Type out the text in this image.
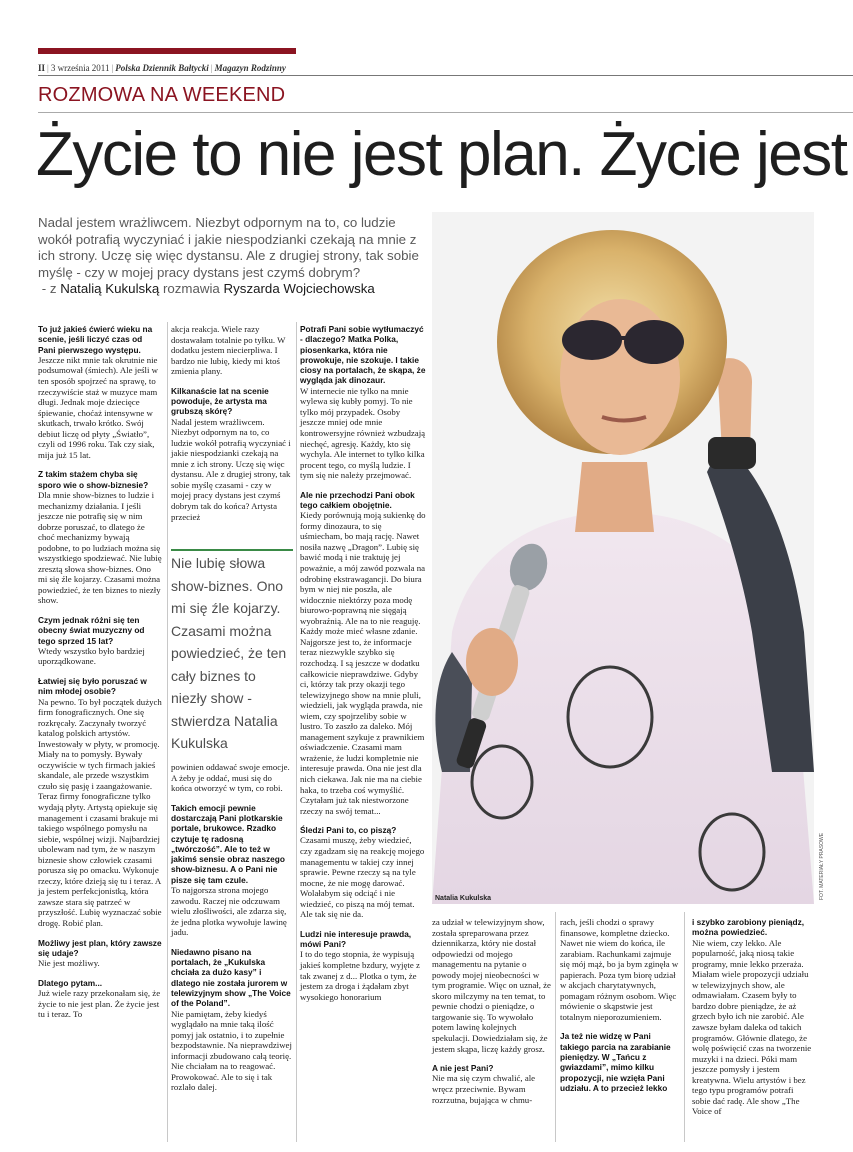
II | 3 września 2011 | Polska Dziennik Bałtycki | Magazyn Rodzinny
ROZMOWA NA WEEKEND
Życie to nie jest plan. Życie jest
Nadal jestem wrażliwcem. Niezbyt odpornym na to, co ludzie wokół potrafią wyczyniać i jakie niespodzianki czekają na mnie z ich strony. Uczę się więc dystansu. Ale z drugiej strony, tak sobie myślę - czy w mojej pracy dystans jest czymś dobrym?
- z Natalią Kukulską rozmawia Ryszarda Wojciechowska
Natalia Kukulska	FOT. MATERIAŁY PRASOWE
To już jakieś ćwierć wieku na scenie, jeśli liczyć czas od Pani pierwszego występu.
Jeszcze nikt mnie tak okrutnie nie podsumował (śmiech). Ale jeśli w ten sposób spojrzeć na sprawę, to rzeczywiście staż w muzyce mam długi. Jednak moje dziecięce śpiewanie, choćaż intensywne w skutkach, trwało krótko. Swój debiut liczę od płyty „Światło”, czyli od 1996 roku. Tak czy siak, mija już 15 lat.
Z takim stażem chyba się sporo wie o show-biznesie?
Dla mnie show-biznes to ludzie i mechanizmy działania. I jeśli jeszcze nie potrafię się w nim dobrze poruszać, to dlatego że choć mechanizmy bywają podobne, to po ludziach można się wszystkiego spodziewać. Nie lubię zresztą słowa show-biznes. Ono mi się źle kojarzy. Czasami można powiedzieć, że ten biznes to niezły show.
Czym jednak różni się ten obecny świat muzyczny od tego sprzed 15 lat?
Wtedy wszystko było bardziej uporządkowane.
Łatwiej się było poruszać w nim młodej osobie?
Na pewno. To był początek dużych firm fonograficznych. One się rozkręcały. Zaczynały tworzyć katalog polskich artystów. Inwestowały w płyty, w promocję. Miały na to pomysły. Bywały oczywiście w tych firmach jakieś skandale, ale przede wszystkim czuło się pasję i zaangażowanie. Teraz firmy fonograficzne tylko wydają płyty. Artystą opiekuje się management i czasami brakuje mi takiego wspólnego pomysłu na siebie, wspólnej wizji. Najbardziej ubolewam nad tym, że w naszym biznesie show człowiek czasami porusza się po omacku. Wykonuje rzeczy, które dzieją się tu i teraz. A ja jestem perfekcjonistką, która zawsze stara się patrzeć w przyszłość. Lubię wyznaczać sobie drogę. Robić plan.
Możliwy jest plan, który zawsze się udaje?
Nie jest możliwy.
Dlatego pytam...
Już wiele razy przekonałam się, że życie to nie jest plan. Że życie jest tu i teraz. To
akcja reakcja. Wiele razy dostawałam totalnie po tyłku. W dodatku jestem niecierpliwa. I bardzo nie lubię, kiedy mi ktoś zmienia plany.
Kilkanaście lat na scenie powoduje, że artysta ma grubszą skórę?
Nadal jestem wrażliwcem. Niezbyt odpornym na to, co ludzie wokół potrafią wyczyniać i jakie niespodzianki czekają na mnie z ich strony. Uczę się więc dystansu. Ale z drugiej strony, tak sobie myślę czasami - czy w mojej pracy dystans jest czymś dobrym tak do końca? Artysta przecież
Nie lubię słowa show-biznes. Ono mi się źle kojarzy. Czasami można powiedzieć, że ten cały biznes to niezły show - stwierdza Natalia Kukulska
powinien oddawać swoje emocje. A żeby je oddać, musi się do końca otworzyć w tym, co robi.
Takich emocji pewnie dostarczają Pani plotkarskie portale, brukowce. Rzadko czytuje tę radosną „twórczość”. Ale to też w jakimś sensie obraz naszego show-biznesu. A o Pani nie pisze się tam czule.
To najgorsza strona mojego zawodu. Raczej nie odczuwam wielu złośliwości, ale zdarza się, że jedna plotka wywołuje lawinę jadu.
Niedawno pisano na portalach, że „Kukulska chciała za dużo kasy” i dlatego nie została jurorem w telewizyjnym show „The Voice of the Poland”.
Nie pamiętam, żeby kiedyś wyglądało na mnie taką ilość pomyj jak ostatnio, i to zupełnie bezpodstawnie. Na nieprawdziwej informacji zbudowano całą teorię. Nie chciałam na to reagować. Prowokować. Ale to się i tak rozlało dalej.
Potrafi Pani sobie wytłumaczyć - dlaczego? Matka Polka, piosenkarka, która nie prowokuje, nie szokuje. I takie ciosy na portalach, że skąpa, że wygląda jak dinozaur.
W internecie nie tylko na mnie wylewa się kubły pomyj. To nie tylko mój przypadek. Osoby jeszcze mniej ode mnie kontrowersyjne również wzbudzają niechęć, agresję. Każdy, kto się wychyla. Ale internet to tylko kilka procent tego, co myślą ludzie. I tym się nie należy przejmować.
Ale nie przechodzi Pani obok tego całkiem obojętnie.
Kiedy porównują moją sukienkę do formy dinozaura, to się uśmiecham, bo mają rację. Nawet nosiła nazwę „Dragon”. Lubię się bawić modą i nie traktuję jej poważnie, a mój zawód pozwala na odrobinę ekstrawagancji. Do biura bym w niej nie poszła, ale widocznie niektórzy poza modę biurowo-poprawną nie sięgają wyobraźnią. Ale na to nie reaguję. Każdy może mieć własne zdanie. Najgorsze jest to, że informacje teraz niezwykle szybko się rozchodzą. I są jeszcze w dodatku całkowicie nieprawdziwe. Gdyby ci, którzy tak przy okazji tego telewizyjnego show na mnie pluli, wiedzieli, jak wygląda prawda, nie wiem, czy spojrzeliby sobie w lustro. To zaszło za daleko. Mój management szykuje z prawnikiem oświadczenie. Czasami mam wrażenie, że ludzi kompletnie nie interesuje prawda. Ona nie jest dla nich ciekawa. Jak nie ma na ciebie haka, to trzeba coś wymyślić. Czytałam już tak niestworzone rzeczy na swój temat...
Śledzi Pani to, co piszą?
Czasami muszę, żeby wiedzieć, czy zgadzam się na reakcję mojego managementu w takiej czy innej sprawie. Pewne rzeczy są na tyle mocne, że nie mogę darować. Wolałabym się odciąć i nie wiedzieć, co piszą na mój temat. Ale tak się nie da.
Ludzi nie interesuje prawda, mówi Pani?
I to do tego stopnia, że wypisują jakieś kompletne bzdury, wyjęte z tak zwanej z d... Plotka o tym, że jestem za droga i żądałam zbyt wysokiego honorarium
za udział w telewizyjnym show, została spreparowana przez dziennikarza, który nie dostał odpowiedzi od mojego managementu na pytanie o powody mojej nieobecności w tym programie. Więc on uznał, że skoro milczymy na ten temat, to pewnie chodzi o pieniądze, o targowanie się. To wywołało potem lawinę kolejnych spekulacji. Dowiedziałam się, że jestem skąpa, liczę każdy grosz.
A nie jest Pani?
Nie ma się czym chwalić, ale wręcz przeciwnie. Bywam rozrzutna, bujająca w chmu-
rach, jeśli chodzi o sprawy finansowe, kompletne dziecko. Nawet nie wiem do końca, ile zarabiam. Rachunkami zajmuje się mój mąż, bo ja bym zginęła w papierach. Poza tym biorę udział w akcjach charytatywnych, pomagam różnym osobom. Więc mówienie o skąpstwie jest totalnym nieporozumieniem.
Ja też nie widzę w Pani takiego parcia na zarabianie pieniędzy. W „Tańcu z gwiazdami”, mimo kilku propozycji, nie wzięła Pani udziału. A to przecież lekko
i szybko zarobiony pieniądz, można powiedzieć.
Nie wiem, czy lekko. Ale popularność, jaką niosą takie programy, mnie lekko przeraża. Miałam wiele propozycji udziału w telewizyjnych show, ale odmawiałam. Czasem były to bardzo dobre pieniądze, że aż grzech było ich nie zarobić. Ale zawsze byłam daleka od takich programów. Głównie dlatego, że wolę poświęcić czas na tworzenie muzyki i na dzieci. Póki mam jeszcze pomysły i jestem kreatywna. Wielu artystów i bez tego typu programów potrafi sobie dać radę. Ale show „The Voice of
